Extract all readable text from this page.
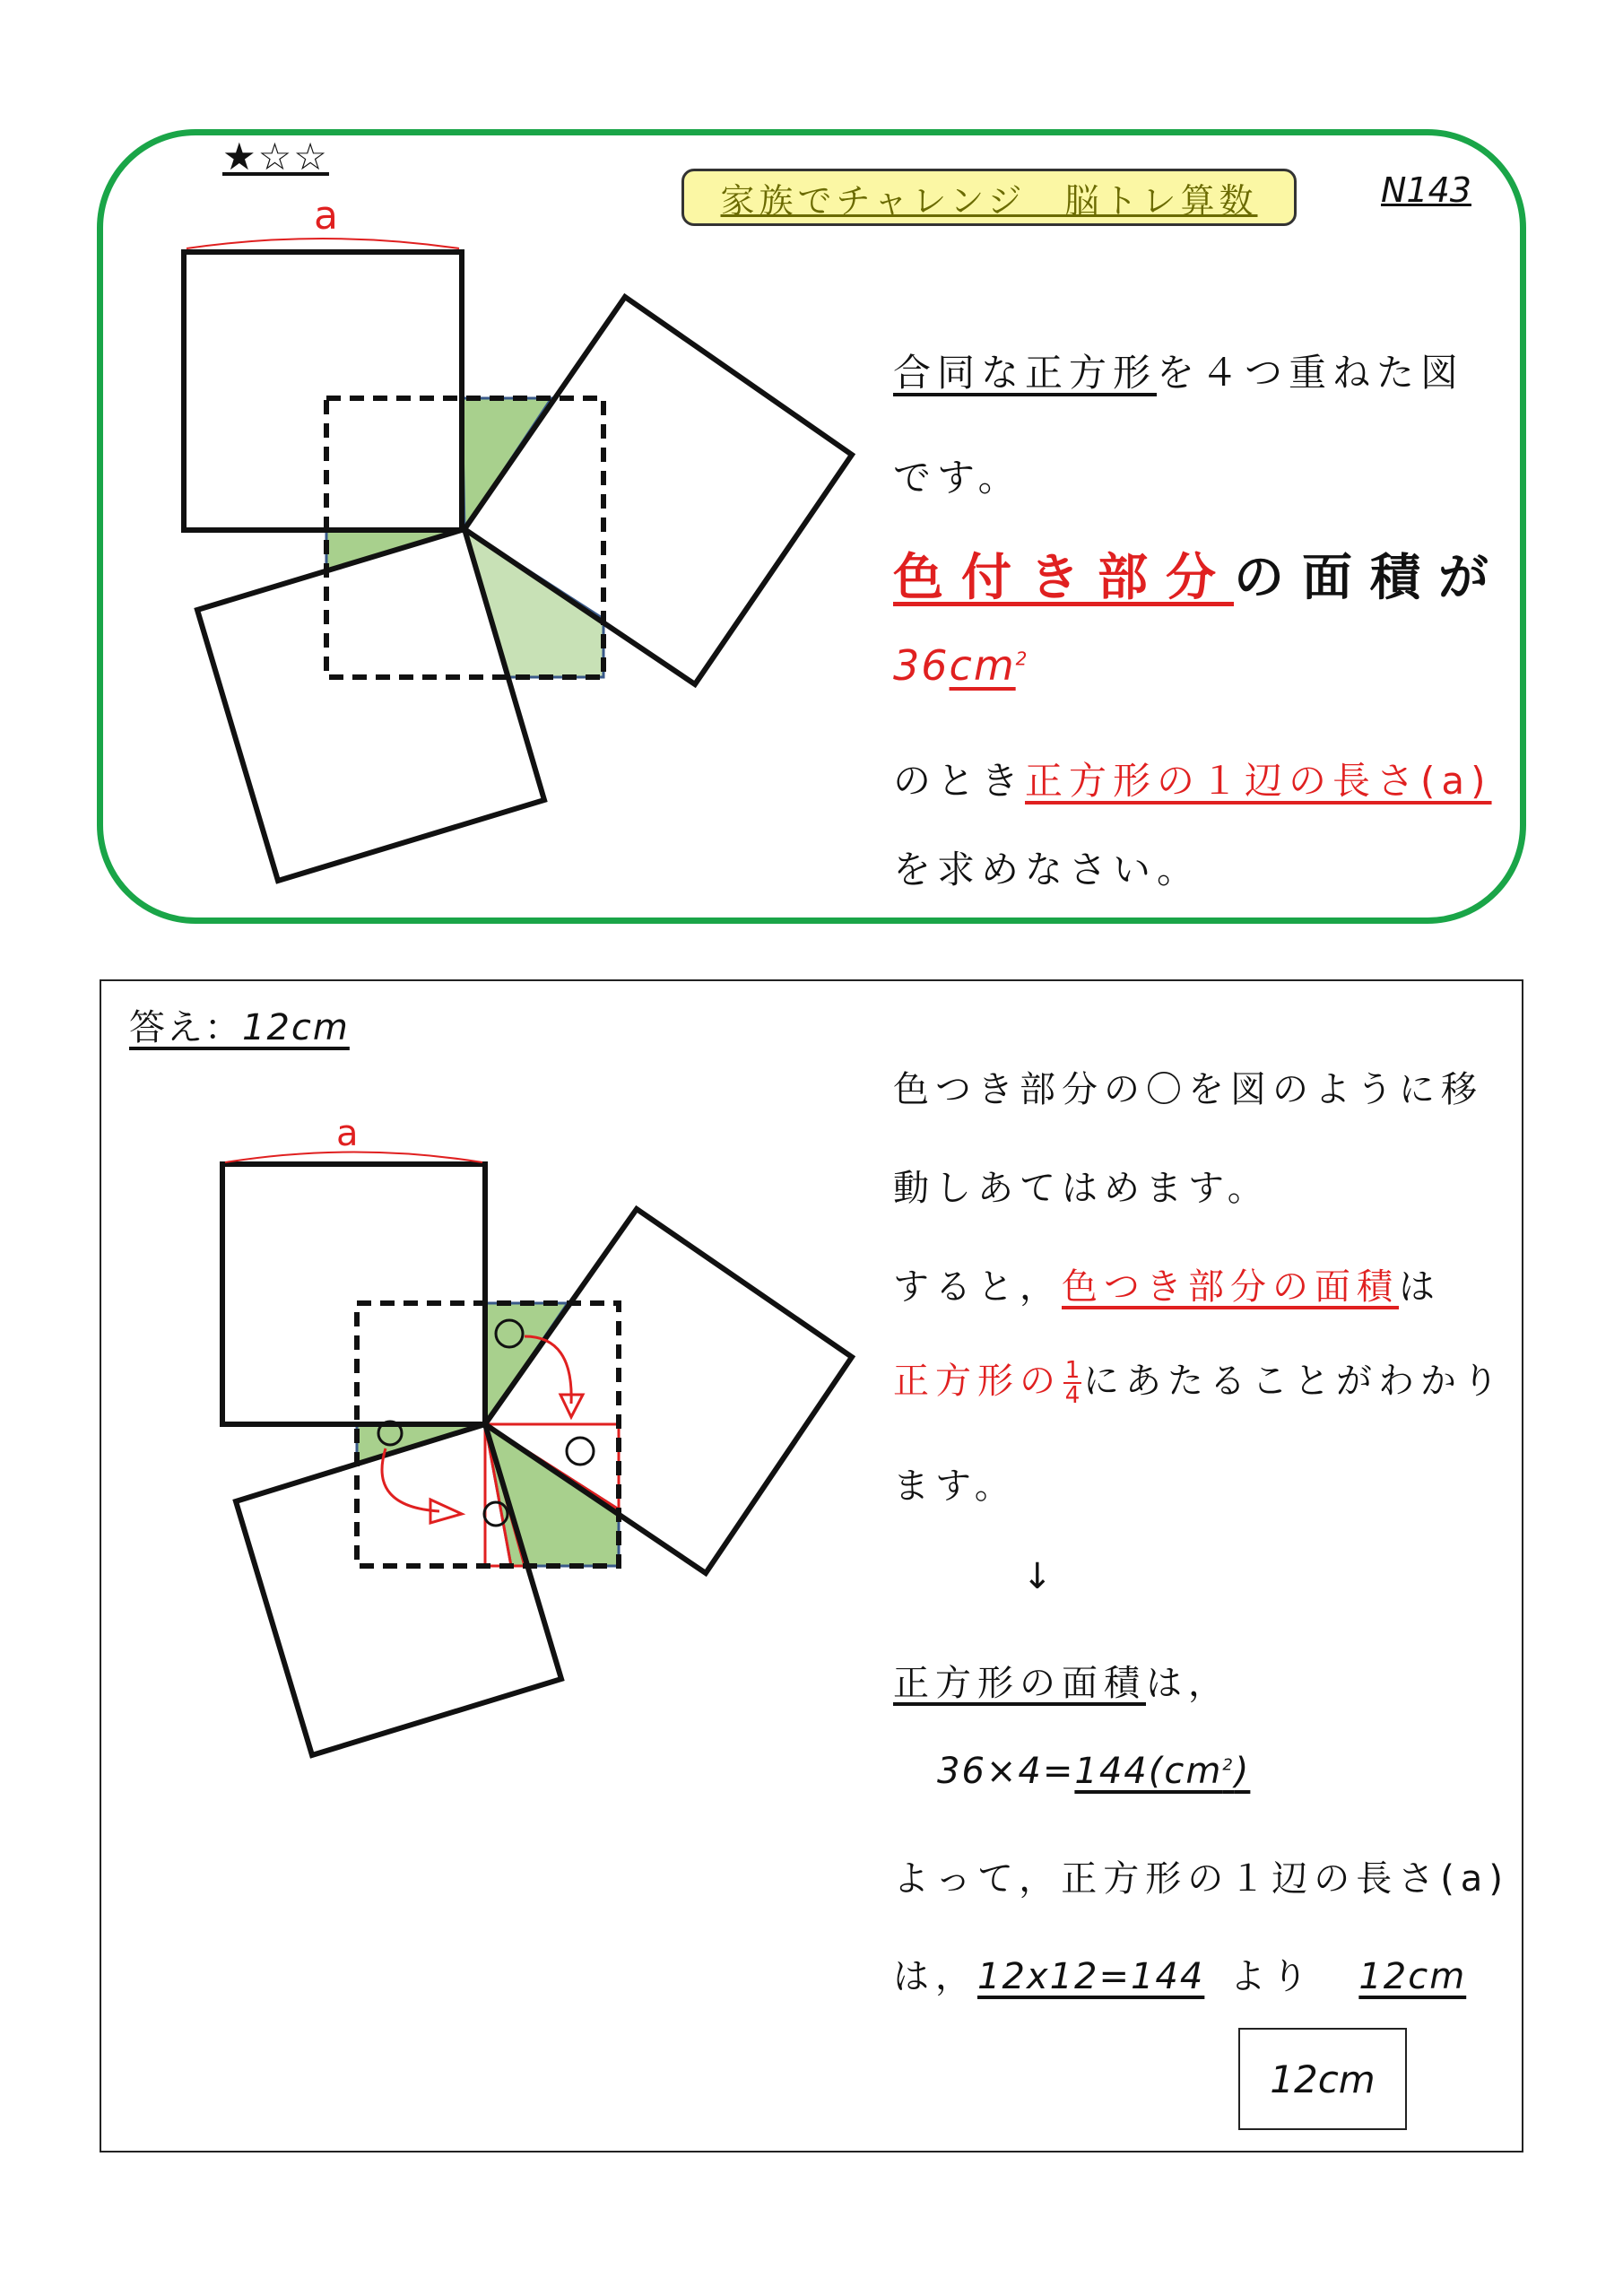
★☆☆
家族でチャレンジ　脳トレ算数	N143
a
合同な正方形を４つ重ねた図
です。
色付き部分の面積が
$36cm^2$
のとき正方形の１辺の長さ(a)
を求めなさい。
答え：12cm
a
色つき部分の〇を図のように移
動しあてはめます。
すると，色つき部分の面積は
正方形の $\frac{1}{4}$ にあたることがわかり
ます。
↓
正方形の面積は，
$36\times 4=144(cm^2)$
よって，正方形の１辺の長さ(a)
は，12x12=144 より 12cm
12cm
